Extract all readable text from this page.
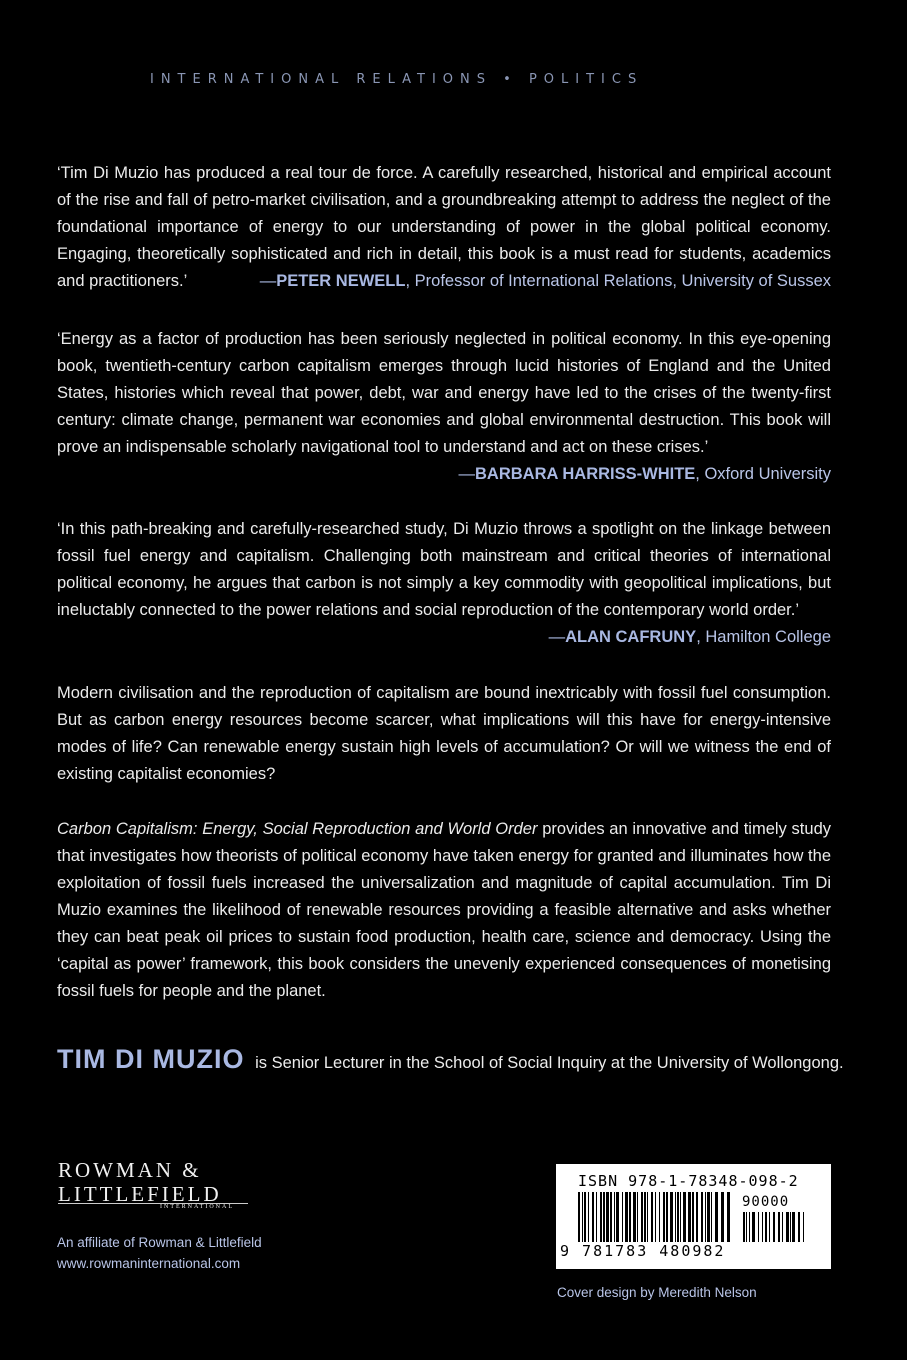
INTERNATIONAL RELATIONS • POLITICS
‘Tim Di Muzio has produced a real tour de force. A carefully researched, historical and empirical account of the rise and fall of petro-market civilisation, and a groundbreaking attempt to address the neglect of the foundational importance of energy to our understanding of power in the global political economy. Engaging, theoretically sophisticated and rich in detail, this book is a must read for students, academics and practitioners.’	—PETER NEWELL, Professor of International Relations, University of Sussex
‘Energy as a factor of production has been seriously neglected in political economy. In this eye-opening book, twentieth-century carbon capitalism emerges through lucid histories of England and the United States, histories which reveal that power, debt, war and energy have led to the crises of the twenty-first century: climate change, permanent war economies and global environmental destruction. This book will prove an indispensable scholarly navigational tool to understand and act on these crises.’
—BARBARA HARRISS-WHITE, Oxford University
‘In this path-breaking and carefully-researched study, Di Muzio throws a spotlight on the linkage between fossil fuel energy and capitalism. Challenging both mainstream and critical theories of international political economy, he argues that carbon is not simply a key commodity with geopolitical implications, but ineluctably connected to the power relations and social reproduction of the contemporary world order.’
—ALAN CAFRUNY, Hamilton College
Modern civilisation and the reproduction of capitalism are bound inextricably with fossil fuel consumption. But as carbon energy resources become scarcer, what implications will this have for energy-intensive modes of life? Can renewable energy sustain high levels of accumulation? Or will we witness the end of existing capitalist economies?
Carbon Capitalism: Energy, Social Reproduction and World Order provides an innovative and timely study that investigates how theorists of political economy have taken energy for granted and illuminates how the exploitation of fossil fuels increased the universalization and magnitude of capital accumulation. Tim Di Muzio examines the likelihood of renewable resources providing a feasible alternative and asks whether they can beat peak oil prices to sustain food production, health care, science and democracy. Using the ‘capital as power’ framework, this book considers the unevenly experienced consequences of monetising fossil fuels for people and the planet.
TIM DI MUZIO is Senior Lecturer in the School of Social Inquiry at the University of Wollongong.
ROWMAN &
LITTLEFIELD
INTERNATIONAL
An affiliate of Rowman & Littlefield
www.rowmaninternational.com
ISBN 978-1-78348-098-2
90000
9 781783 480982
Cover design by Meredith Nelson
